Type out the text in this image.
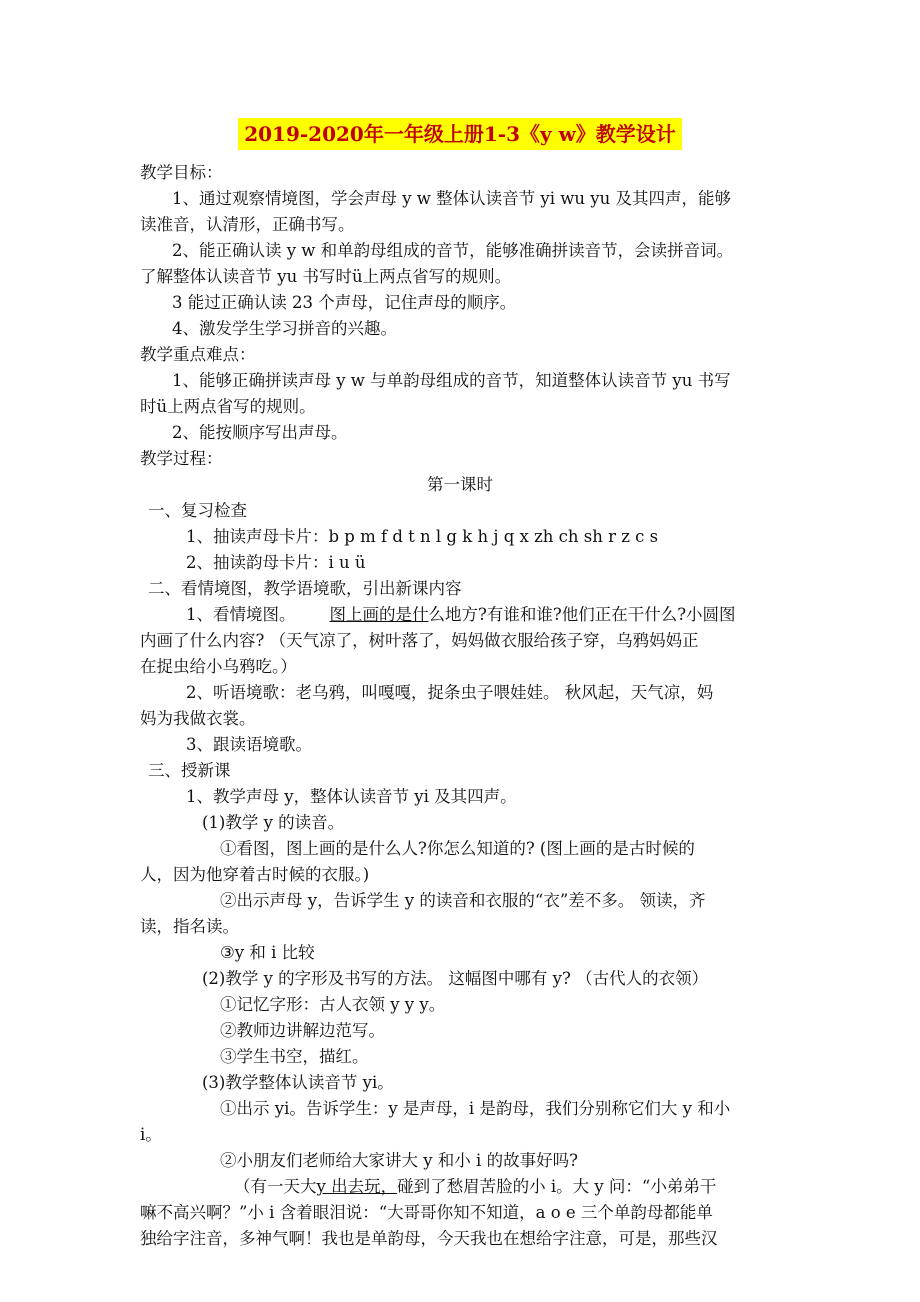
2019-2020年一年级上册1-3《y w》教学设计
教学目标：
1、通过观察情境图，学会声母 y w 整体认读音节 yi wu yu 及其四声，能够
读准音，认清形，正确书写。
2、能正确认读 y w 和单韵母组成的音节，能够准确拼读音节，会读拼音词。
了解整体认读音节 yu 书写时ü上两点省写的规则。
3 能过正确认读 23 个声母，记住声母的顺序。
4、激发学生学习拼音的兴趣。
教学重点难点：
1、能够正确拼读声母 y w 与单韵母组成的音节，知道整体认读音节 yu 书写
时ü上两点省写的规则。
2、能按顺序写出声母。
教学过程：
第一课时
一、复习检查
1、抽读声母卡片：b p m f d t n l g k h j q x zh ch sh r z c s
2、抽读韵母卡片：i u ü
二、看情境图，教学语境歌，引出新课内容
1、看情境图。 图上画的是什么地方?有谁和谁?他们正在干什么?小圆图
内画了什么内容? （天气凉了，树叶落了，妈妈做衣服给孩子穿，乌鸦妈妈正
在捉虫给小乌鸦吃。）
2、听语境歌：老乌鸦，叫嘎嘎，捉条虫子喂娃娃。 秋风起，天气凉，妈
妈为我做衣裳。
3、跟读语境歌。
三、授新课
1、教学声母 y，整体认读音节 yi 及其四声。
(1)教学 y 的读音。
①看图，图上画的是什么人?你怎么知道的? (图上画的是古时候的
人，因为他穿着古时候的衣服。)
②出示声母 y，告诉学生 y 的读音和衣服的“衣”差不多。 领读，齐
读，指名读。
③y 和 i 比较
(2)教学 y 的字形及书写的方法。 这幅图中哪有 y? （古代人的衣领）
①记忆字形：古人衣领 y y y。
②教师边讲解边范写。
③学生书空，描红。
(3)教学整体认读音节 yi。
①出示 yi。告诉学生：y 是声母，i 是韵母，我们分别称它们大 y 和小
i。
②小朋友们老师给大家讲大 y 和小 i 的故事好吗?
（有一天大y 出去玩，碰到了愁眉苦脸的小 i。大 y 问：“小弟弟干
嘛不高兴啊？”小 i 含着眼泪说：“大哥哥你知不知道，a o e 三个单韵母都能单
独给字注音，多神气啊！我也是单韵母，今天我也在想给字注意，可是，那些汉
